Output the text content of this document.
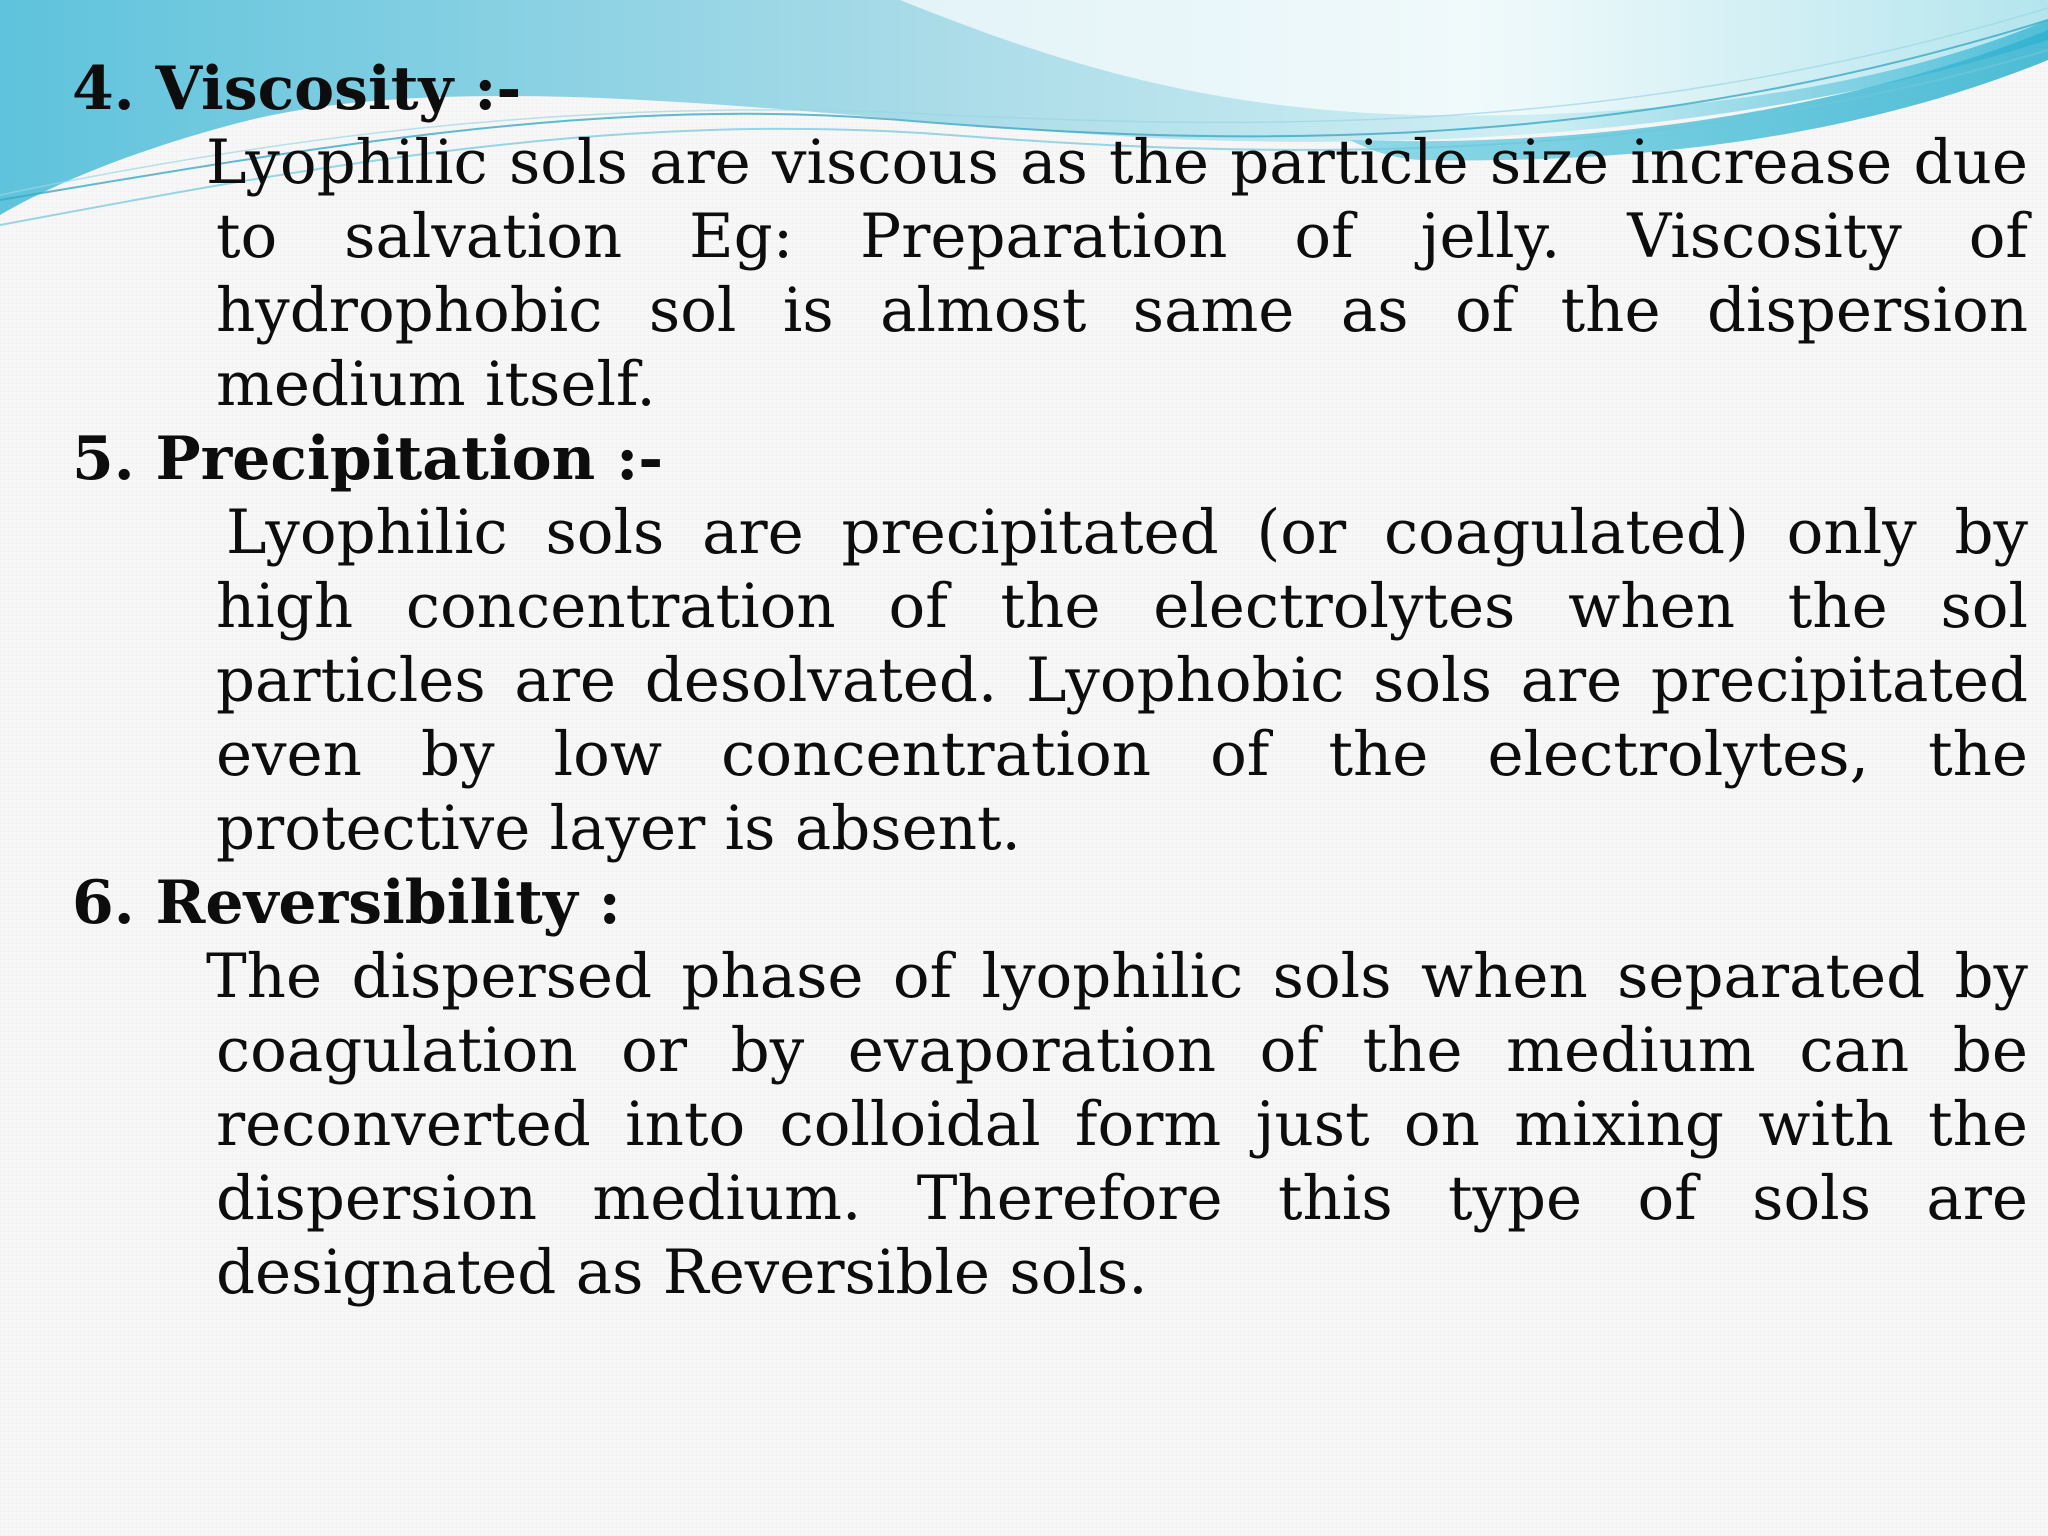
4. Viscosity :-

Lyophilic sols are viscous as the particle size increase due to salvation Eg: Preparation of jelly. Viscosity of hydrophobic sol is almost same as of the dispersion medium itself.

5. Precipitation :-

Lyophilic sols are precipitated (or coagulated) only by high concentration of the electrolytes when the sol particles are desolvated. Lyophobic sols are precipitated even by low concentration of the electrolytes, the protective layer is absent.

6. Reversibility :

The dispersed phase of lyophilic sols when separated by coagulation or by evaporation of the medium can be reconverted into colloidal form just on mixing with the dispersion medium. Therefore this type of sols are designated as Reversible sols.
